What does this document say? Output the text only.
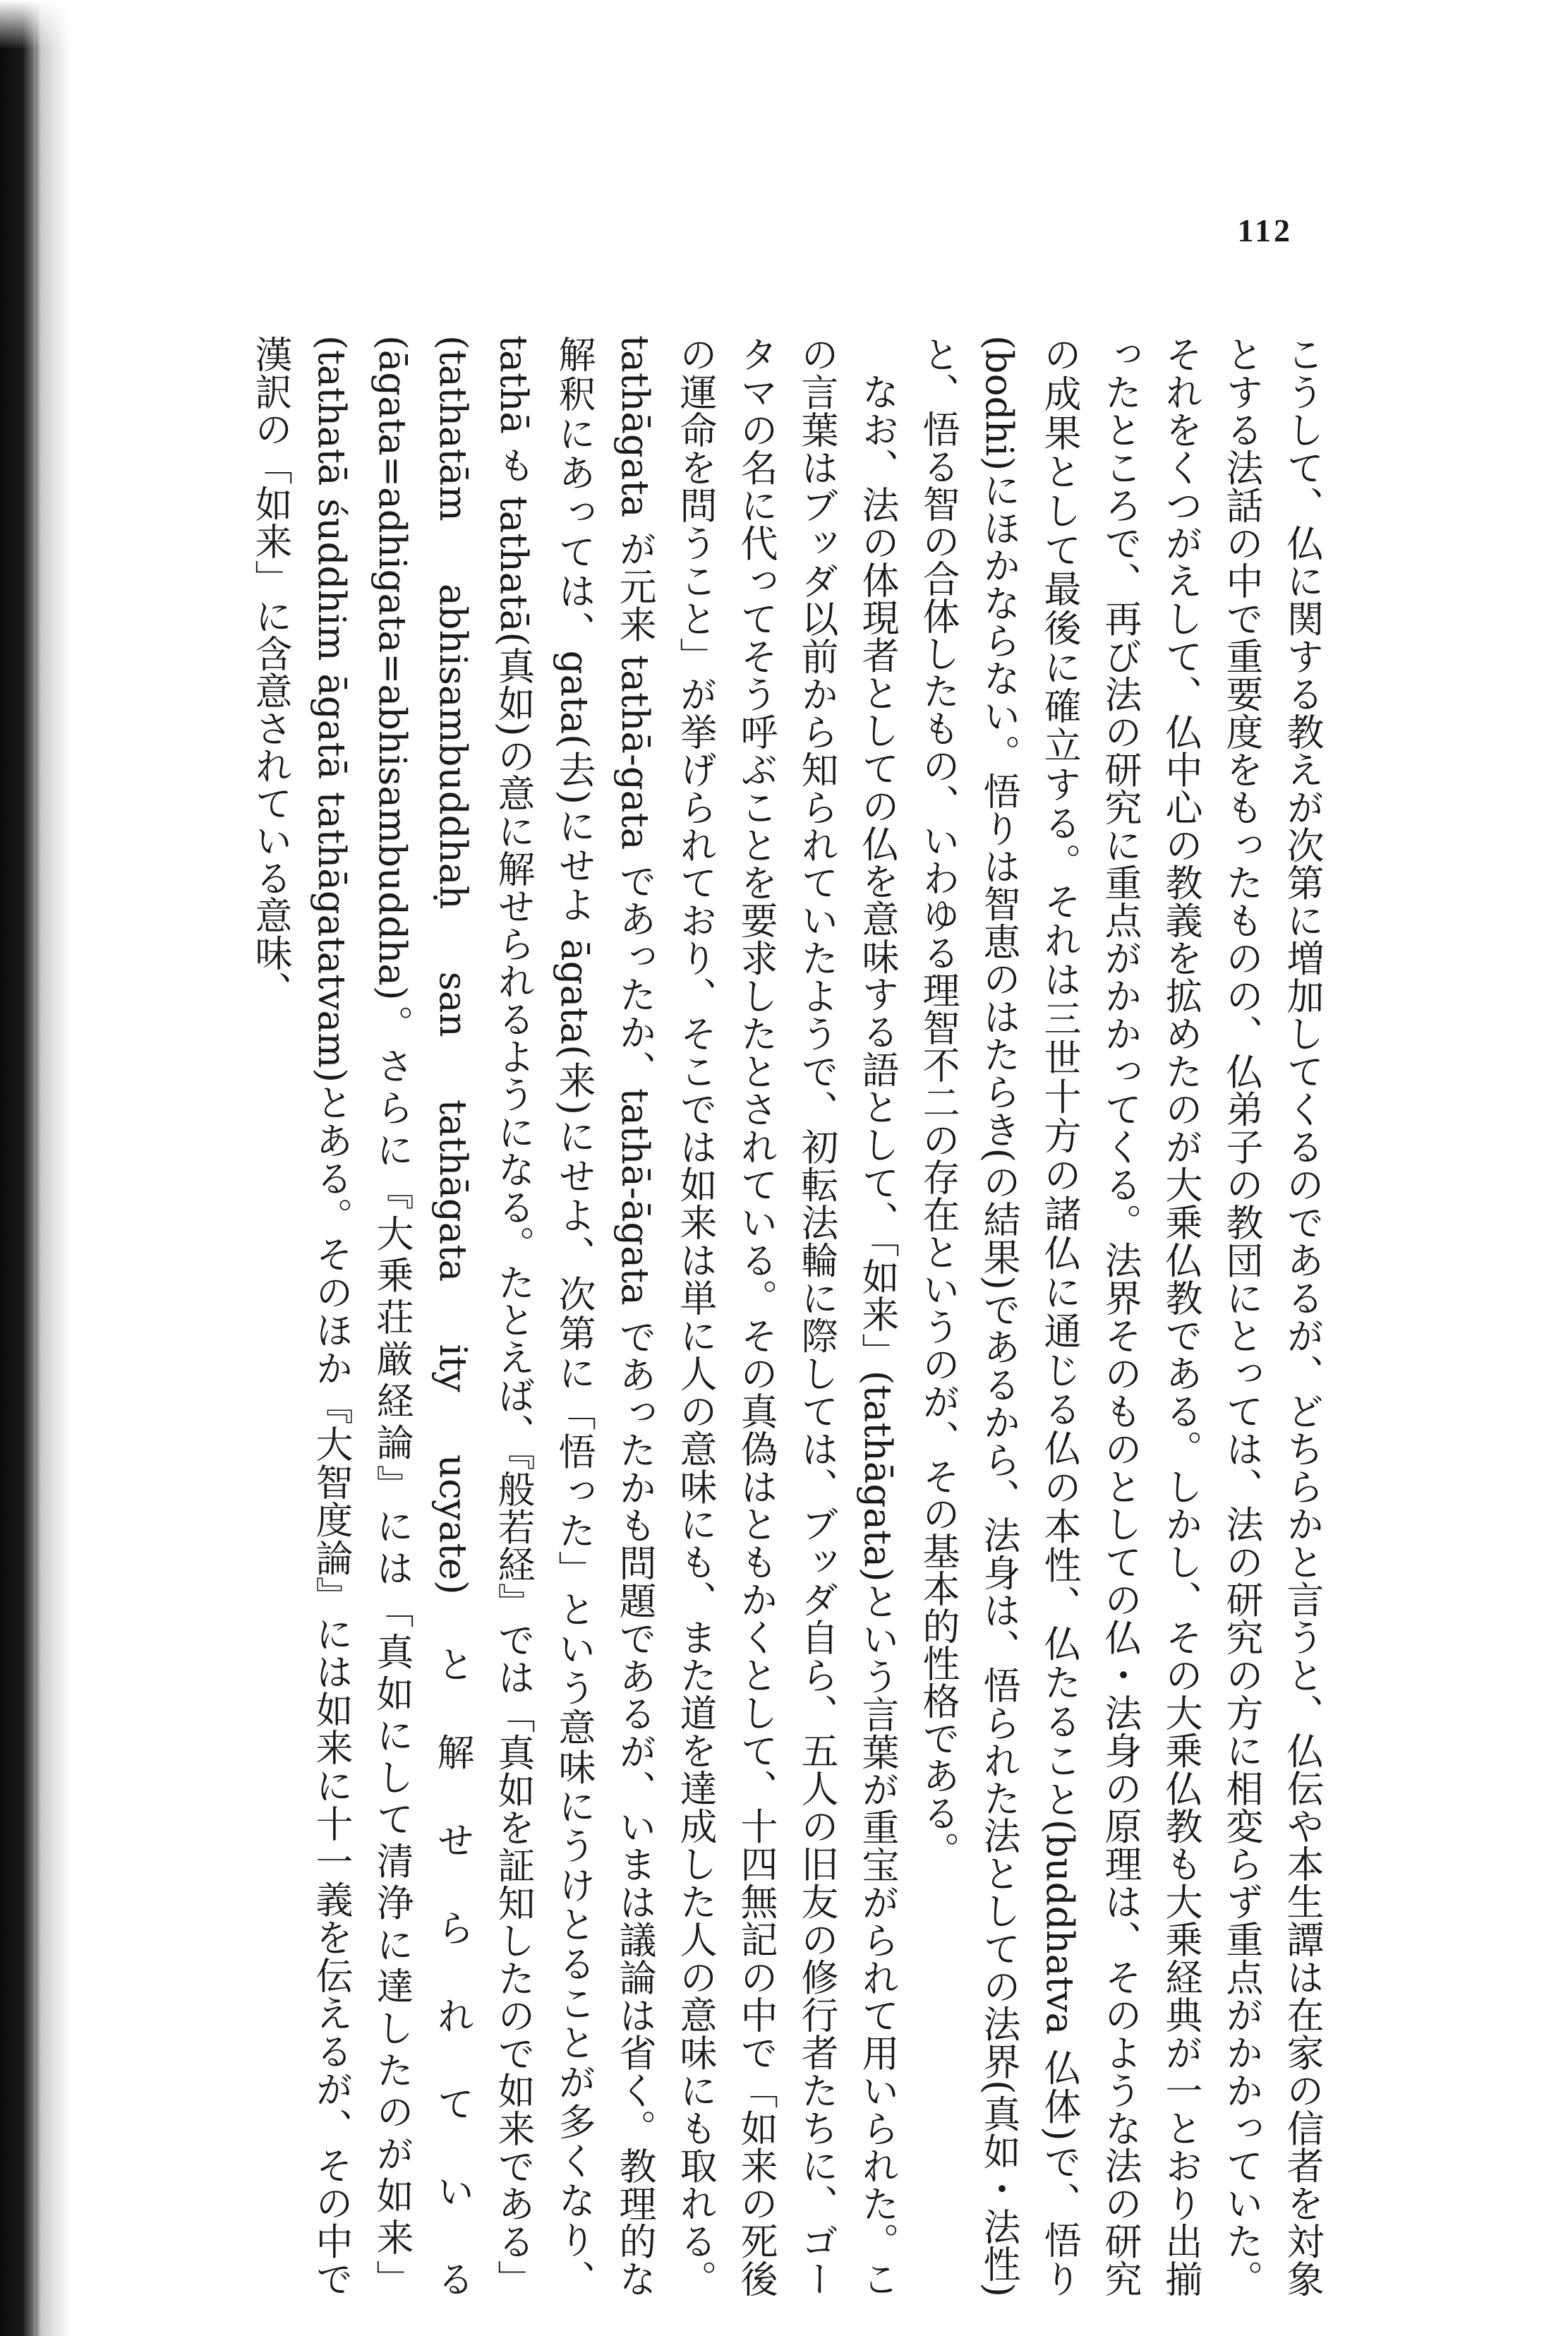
112

こうして、仏に関する教えが次第に増加してくるのであるが、どちらかと言うと、仏伝や本生譚は在家の信者を対象とする法話の中で重要度をもったものの、仏弟子の教団にとっては、法の研究の方に相変らず重点がかかっていた。それをくつがえして、仏中心の教義を拡めたのが大乗仏教である。しかし、その大乗仏教も大乗経典が一とおり出揃ったところで、再び法の研究に重点がかかってくる。法界そのものとしての仏・法身の原理は、そのような法の研究の成果として最後に確立する。それは三世十方の諸仏に通じる仏の本性、仏たること(buddhatva 仏体)で、悟り(bodhi)にほかならない。悟りは智恵のはたらき(の結果)であるから、法身は、悟られた法としての法界(真如・法性)と、悟る智の合体したもの、いわゆる理智不二の存在というのが、その基本的性格である。

なお、法の体現者としての仏を意味する語として、「如来」(tathāgata)という言葉が重宝がられて用いられた。この言葉はブッダ以前から知られていたようで、初転法輪に際しては、ブッダ自ら、五人の旧友の修行者たちに、ゴータマの名に代ってそう呼ぶことを要求したとされている。その真偽はともかくとして、十四無記の中で「如来の死後の運命を問うこと」が挙げられており、そこでは如来は単に人の意味にも、また道を達成した人の意味にも取れる。tathāgata が元来 tathā-gata であったか、tathā-āgata であったかも問題であるが、いまは議論は省く。教理的な解釈にあっては、gata(去)にせよ āgata(来)にせよ、次第に「悟った」という意味にうけとることが多くなり、tathā も tathatā(真如)の意に解せられるようになる。たとえば、『般若経』では「真如を証知したので如来である」(tathatām abhisambuddhaḥ san tathāgata ity ucyate)と解せられている(āgata=adhigata=abhisambuddha)。さらに『大乗荘厳経論』には「真如にして清浄に達したのが如来」(tathatā śuddhim āgatā tathāgatatvam)とある。そのほか『大智度論』には如来に十一義を伝えるが、その中で漢訳の「如来」に含意されている意味、
